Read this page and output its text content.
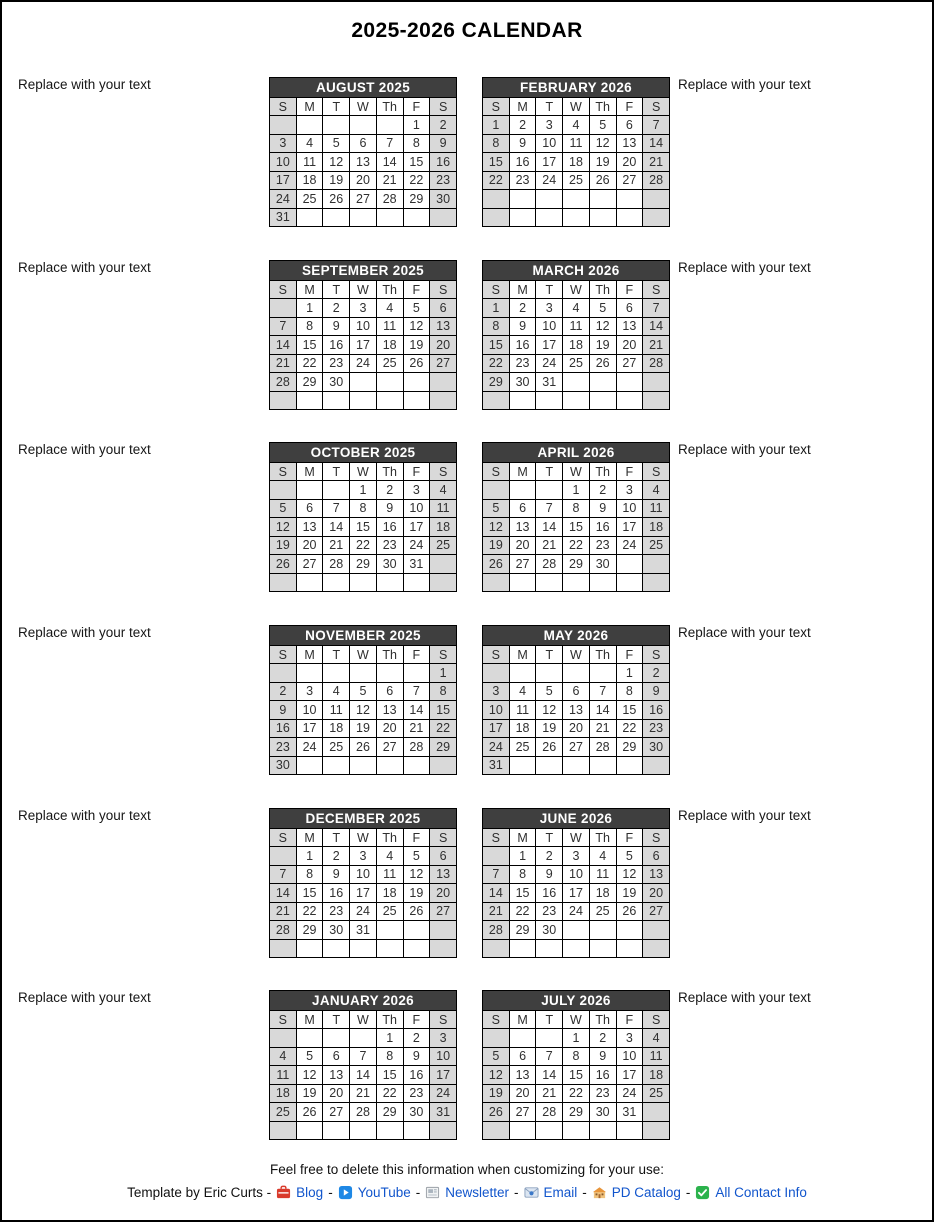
2025-2026 CALENDAR
Replace with your text	AUGUST 2025						
S	M	T	W	Th	F	S
					1	2
3	4	5	6	7	8	9
10	11	12	13	14	15	16
17	18	19	20	21	22	23
24	25	26	27	28	29	30
31						
FEBRUARY 2026						
S	M	T	W	Th	F	S
1	2	3	4	5	6	7
8	9	10	11	12	13	14
15	16	17	18	19	20	21
22	23	24	25	26	27	28

Replace with your text
Replace with your text	SEPTEMBER 2025						
S	M	T	W	Th	F	S
	1	2	3	4	5	6
7	8	9	10	11	12	13
14	15	16	17	18	19	20
21	22	23	24	25	26	27
28	29	30				

MARCH 2026						
S	M	T	W	Th	F	S
1	2	3	4	5	6	7
8	9	10	11	12	13	14
15	16	17	18	19	20	21
22	23	24	25	26	27	28
29	30	31				

Replace with your text
Replace with your text	OCTOBER 2025						
S	M	T	W	Th	F	S
			1	2	3	4
5	6	7	8	9	10	11
12	13	14	15	16	17	18
19	20	21	22	23	24	25
26	27	28	29	30	31	

APRIL 2026						
S	M	T	W	Th	F	S
			1	2	3	4
5	6	7	8	9	10	11
12	13	14	15	16	17	18
19	20	21	22	23	24	25
26	27	28	29	30		

Replace with your text
Replace with your text	NOVEMBER 2025						
S	M	T	W	Th	F	S
						1
2	3	4	5	6	7	8
9	10	11	12	13	14	15
16	17	18	19	20	21	22
23	24	25	26	27	28	29
30						
MAY 2026						
S	M	T	W	Th	F	S
					1	2
3	4	5	6	7	8	9
10	11	12	13	14	15	16
17	18	19	20	21	22	23
24	25	26	27	28	29	30
31						
Replace with your text
Replace with your text	DECEMBER 2025						
S	M	T	W	Th	F	S
	1	2	3	4	5	6
7	8	9	10	11	12	13
14	15	16	17	18	19	20
21	22	23	24	25	26	27
28	29	30	31			

JUNE 2026						
S	M	T	W	Th	F	S
	1	2	3	4	5	6
7	8	9	10	11	12	13
14	15	16	17	18	19	20
21	22	23	24	25	26	27
28	29	30				

Replace with your text
Replace with your text	JANUARY 2026						
S	M	T	W	Th	F	S
				1	2	3
4	5	6	7	8	9	10
11	12	13	14	15	16	17
18	19	20	21	22	23	24
25	26	27	28	29	30	31

JULY 2026						
S	M	T	W	Th	F	S
			1	2	3	4
5	6	7	8	9	10	11
12	13	14	15	16	17	18
19	20	21	22	23	24	25
26	27	28	29	30	31	

Replace with your text
Feel free to delete this information when customizing for your use:
Template by Eric Curts - Blog - YouTube - Newsletter - Email - PD Catalog - All Contact Info
